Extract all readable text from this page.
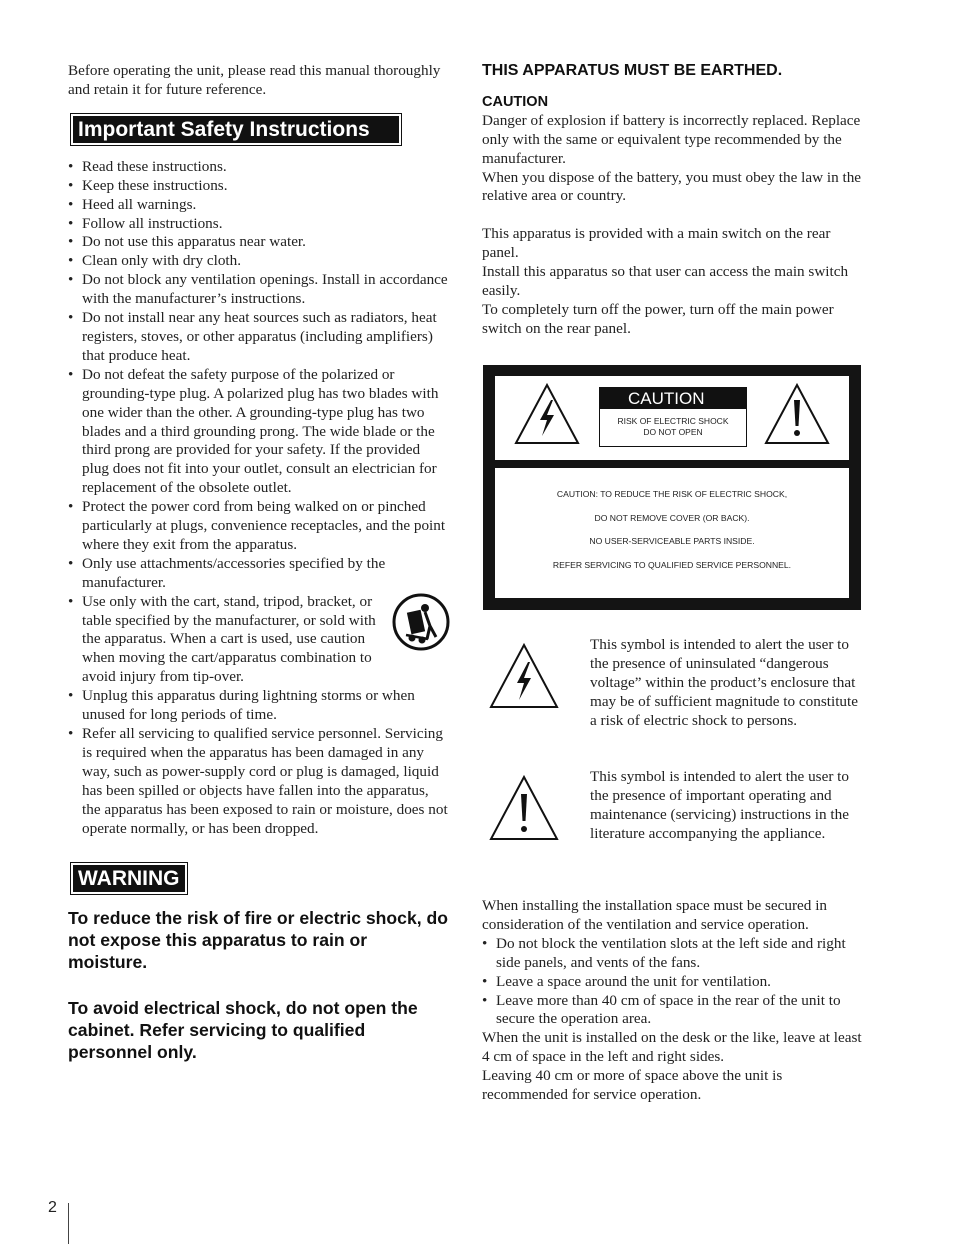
Before operating the unit, please read this manual thoroughly and retain it for future reference.

Important Safety Instructions
• Read these instructions.
• Keep these instructions.
• Heed all warnings.
• Follow all instructions.
• Do not use this apparatus near water.
• Clean only with dry cloth.
• Do not block any ventilation openings. Install in accordance with the manufacturer’s instructions.
• Do not install near any heat sources such as radiators, heat registers, stoves, or other apparatus (including amplifiers) that produce heat.
• Do not defeat the safety purpose of the polarized or grounding-type plug. A polarized plug has two blades with one wider than the other. A grounding-type plug has two blades and a third grounding prong. The wide blade or the third prong are provided for your safety. If the provided plug does not fit into your outlet, consult an electrician for replacement of the obsolete outlet.
• Protect the power cord from being walked on or pinched particularly at plugs, convenience receptacles, and the point where they exit from the apparatus.
• Only use attachments/accessories specified by the manufacturer.
• Use only with the cart, stand, tripod, bracket, or table specified by the manufacturer, or sold with the apparatus. When a cart is used, use caution when moving the cart/apparatus combination to avoid injury from tip-over.
• Unplug this apparatus during lightning storms or when unused for long periods of time.
• Refer all servicing to qualified service personnel. Servicing is required when the apparatus has been damaged in any way, such as power-supply cord or plug is damaged, liquid has been spilled or objects have fallen into the apparatus, the apparatus has been exposed to rain or moisture, does not operate normally, or has been dropped.
WARNING

To reduce the risk of fire or electric shock, do not expose this apparatus to rain or moisture.

To avoid electrical shock, do not open the cabinet. Refer servicing to qualified personnel only.

THIS APPARATUS MUST BE EARTHED.

CAUTION

Danger of explosion if battery is incorrectly replaced. Replace only with the same or equivalent type recommended by the manufacturer.

When you dispose of the battery, you must obey the law in the relative area or country.

This apparatus is provided with a main switch on the rear panel.

Install this apparatus so that user can access the main switch easily.

To completely turn off the power, turn off the main power switch on the rear panel.

CAUTION
RISK OF ELECTRIC SHOCK
DO NOT OPEN
CAUTION: TO REDUCE THE RISK OF ELECTRIC SHOCK,
DO NOT REMOVE COVER (OR BACK).
NO USER-SERVICEABLE PARTS INSIDE.
REFER SERVICING TO QUALIFIED SERVICE PERSONNEL.

This symbol is intended to alert the user to the presence of uninsulated “dangerous voltage” within the product’s enclosure that may be of sufficient magnitude to constitute a risk of electric shock to persons.

This symbol is intended to alert the user to the presence of important operating and maintenance (servicing) instructions in the literature accompanying the appliance.

When installing the installation space must be secured in consideration of the ventilation and service operation.

• Do not block the ventilation slots at the left side and right side panels, and vents of the fans.
• Leave a space around the unit for ventilation.
• Leave more than 40 cm of space in the rear of the unit to secure the operation area.

When the unit is installed on the desk or the like, leave at least 4 cm of space in the left and right sides.

Leaving 40 cm or more of space above the unit is recommended for service operation.

2
